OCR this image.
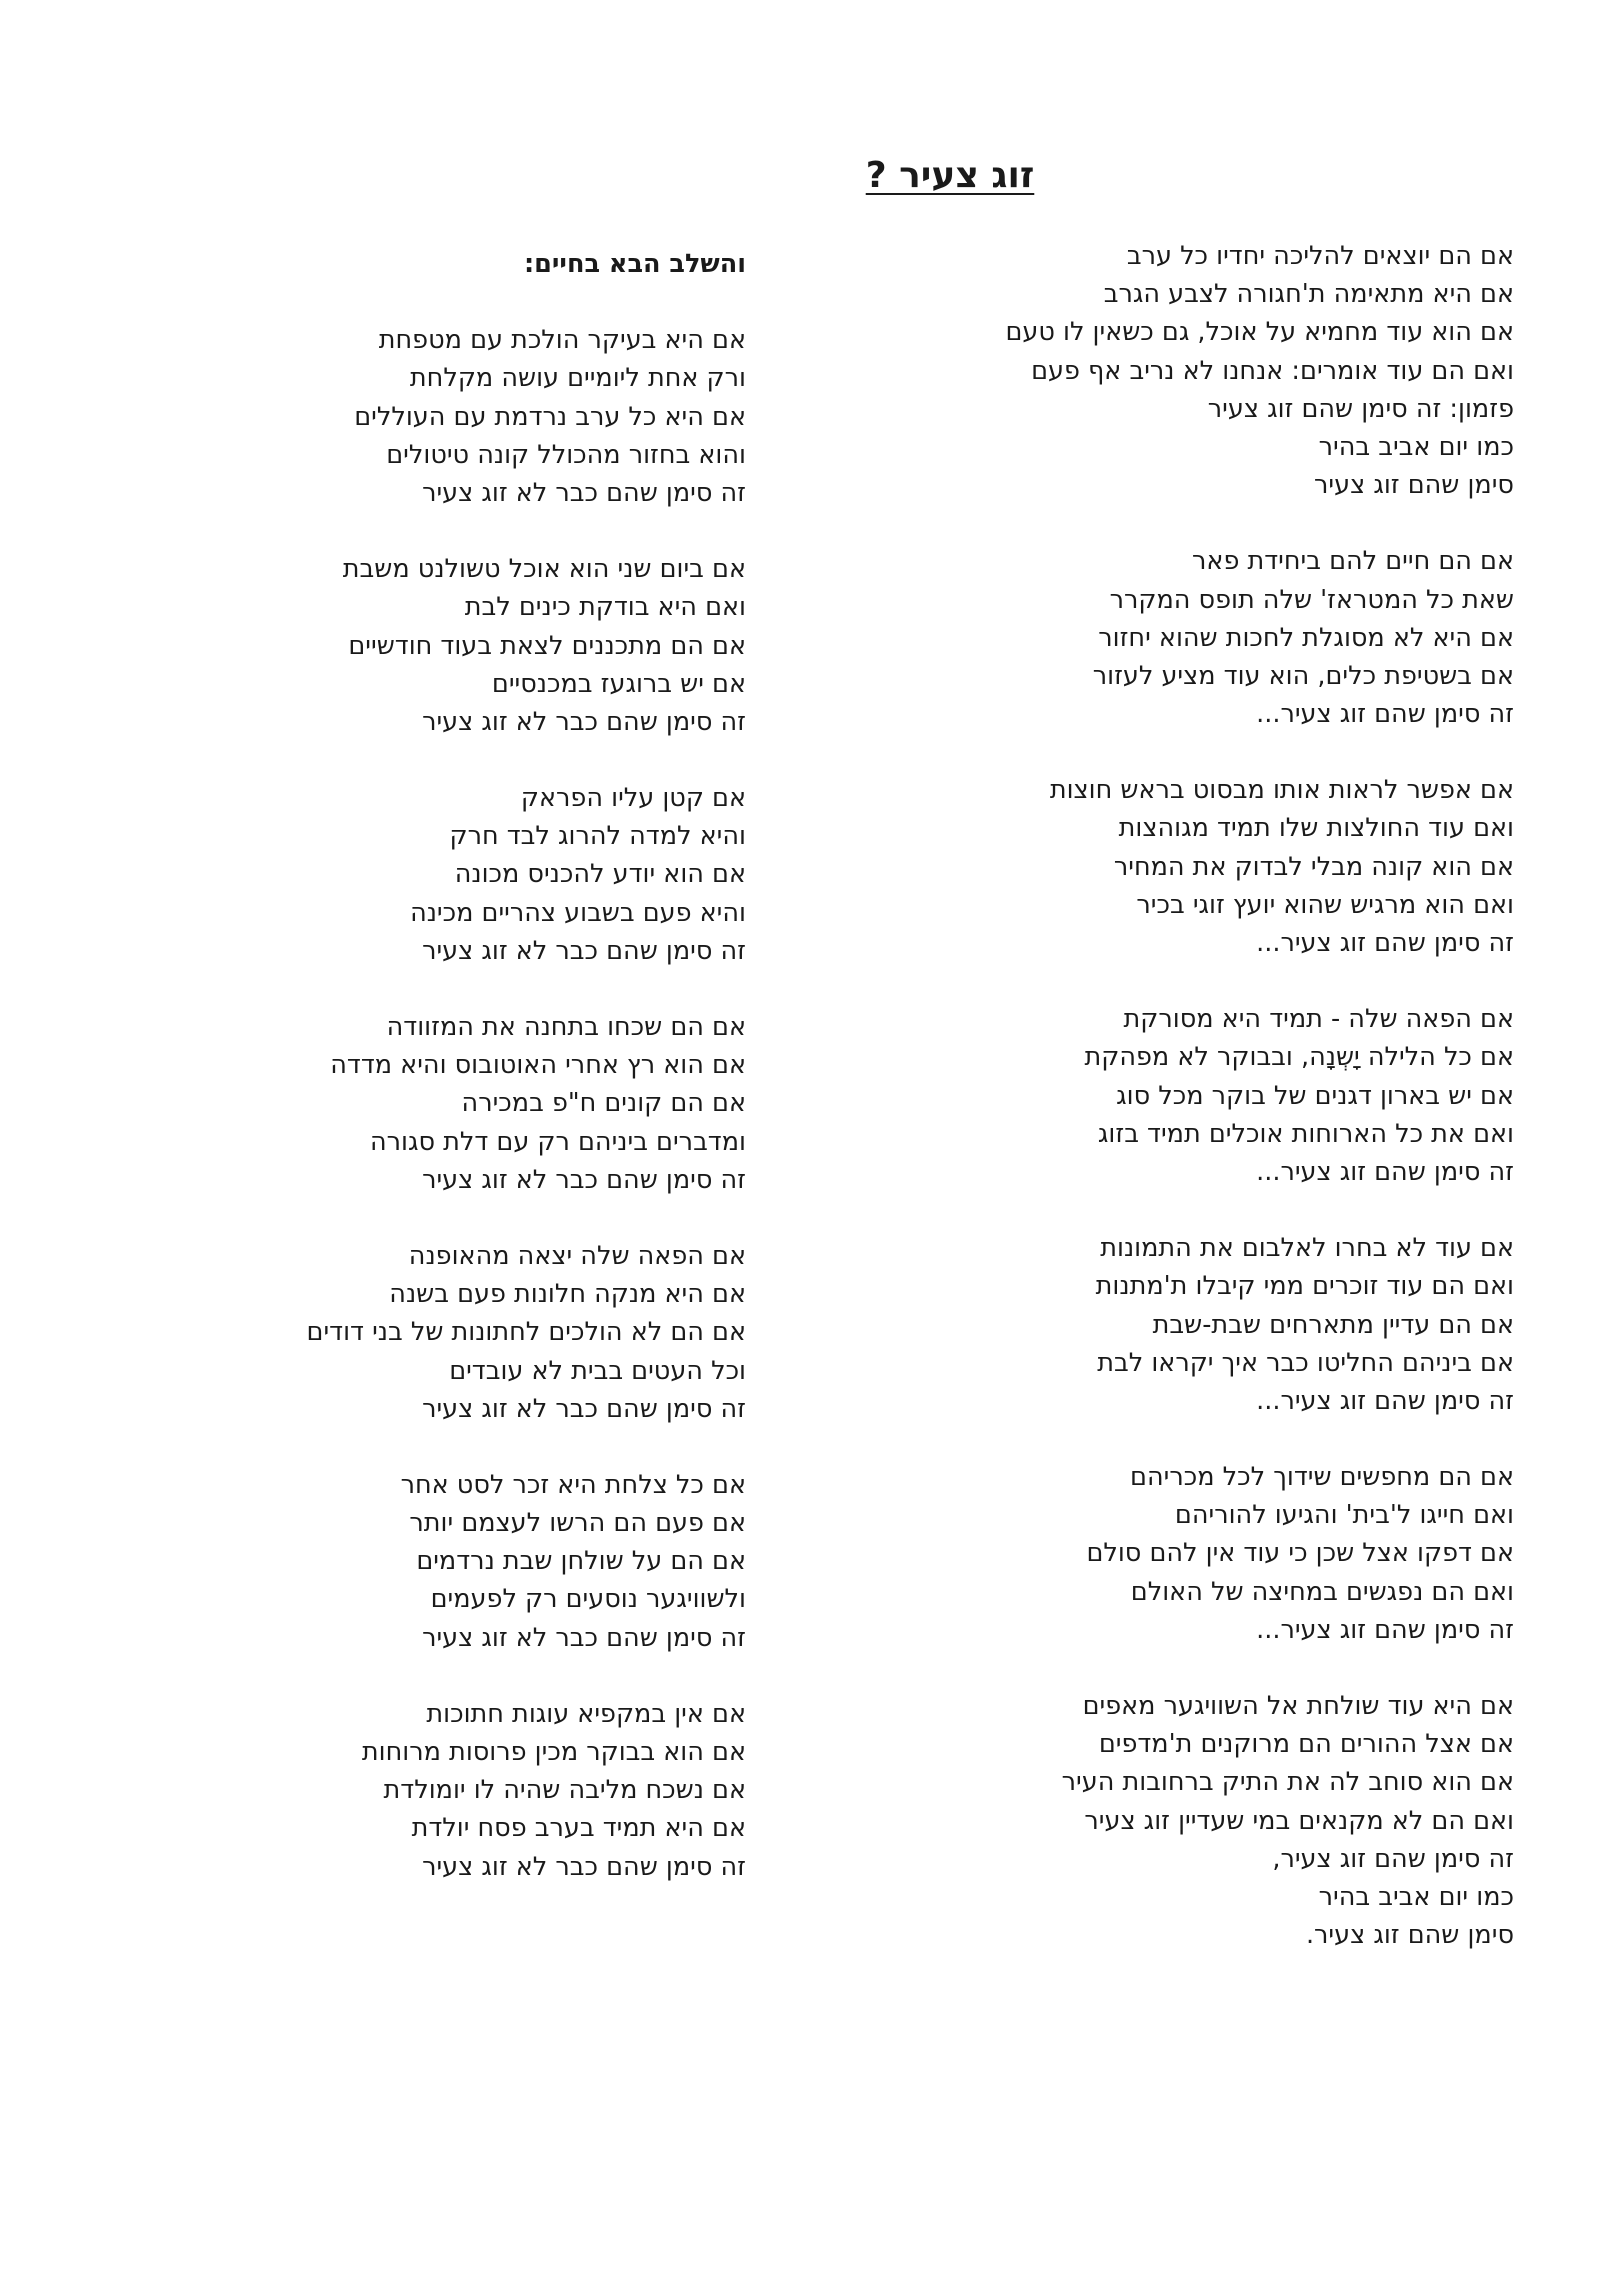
זוג צעיר ?
אם הם יוצאים להליכה יחדיו כל ערב
אם היא מתאימה ת'חגורה לצבע הגרב
אם הוא עוד מחמיא על אוכל, גם כשאין לו טעם
ואם הם עוד אומרים: אנחנו לא נריב אף פעם
פזמון: זה סימן שהם זוג צעיר
כמו יום אביב בהיר
סימן שהם זוג צעיר
אם הם חיים להם ביחידת פאר
שאת כל המטראז' שלה תופס המקרר
אם היא לא מסוגלת לחכות שהוא יחזור
אם בשטיפת כלים, הוא עוד מציע לעזור
זה סימן שהם זוג צעיר...
אם אפשר לראות אותו מבסוט בראש חוצות
ואם עוד החולצות שלו תמיד מגוהצות
אם הוא קונה מבלי לבדוק את המחיר
ואם הוא מרגיש שהוא יועץ זוגי בכיר
זה סימן שהם זוג צעיר...
אם הפאה שלה - תמיד היא מסורקת
אם כל הלילה יָשְנָה, ובבוקר לא מפהקת
אם יש בארון דגנים של בוקר מכל סוג
ואם את כל הארוחות אוכלים תמיד בזוג
זה סימן שהם זוג צעיר...
אם עוד לא בחרו לאלבום את התמונות
ואם הם עוד זוכרים ממי קיבלו ת'מתנות
אם הם עדיין מתארחים שבת-שבת
אם ביניהם החליטו כבר איך יקראו לבת
זה סימן שהם זוג צעיר...
אם הם מחפשים שידוך לכל מכריהם
ואם חייגו ל'בית' והגיעו להוריהם
אם דפקו אצל שכן כי עוד אין להם סולם
ואם הם נפגשים במחיצה של האולם
זה סימן שהם זוג צעיר...
אם היא עוד שולחת אל השוויגער מאפים
אם אצל ההורים הם מרוקנים ת'מדפים
אם הוא סוחב לה את התיק ברחובות העיר
ואם הם לא מקנאים במי שעדיין זוג צעיר
זה סימן שהם זוג צעיר,
כמו יום אביב בהיר
סימן שהם זוג צעיר.
והשלב הבא בחיים:
אם היא בעיקר הולכת עם מטפחת
ורק אחת ליומיים עושה מקלחת
אם היא כל ערב נרדמת עם העוללים
והוא בחזור מהכולל קונה טיטולים
זה סימן שהם כבר לא זוג צעיר
אם ביום שני הוא אוכל טשולנט משבת
ואם היא בודקת כינים לבת
אם הם מתכננים לצאת בעוד חודשיים
אם יש ברוגעז במכנסיים
זה סימן שהם כבר לא זוג צעיר
אם קטן עליו הפראק
והיא למדה להרוג לבד חרק
אם הוא יודע להכניס מכונה
והיא פעם בשבוע צהריים מכינה
זה סימן שהם כבר לא זוג צעיר
אם הם שכחו בתחנה את המזוודה
אם הוא רץ אחרי האוטובוס והיא מדדה
אם הם קונים ח"פ במכירה
ומדברים ביניהם רק עם דלת סגורה
זה סימן שהם כבר לא זוג צעיר
אם הפאה שלה יצאה מהאופנה
אם היא מנקה חלונות פעם בשנה
אם הם לא הולכים לחתונות של בני דודים
וכל העטים בבית לא עובדים
זה סימן שהם כבר לא זוג צעיר
אם כל צלחת היא זכר לסט אחר
אם פעם הם הרשו לעצמם יותר
אם הם על שולחן שבת נרדמים
ולשוויגער נוסעים רק לפעמים
זה סימן שהם כבר לא זוג צעיר
אם אין במקפיא עוגות חתוכות
אם הוא בבוקר מכין פרוסות מרוחות
אם נשכח מליבה שהיה לו יומולדת
אם היא תמיד בערב פסח יולדת
זה סימן שהם כבר לא זוג צעיר
